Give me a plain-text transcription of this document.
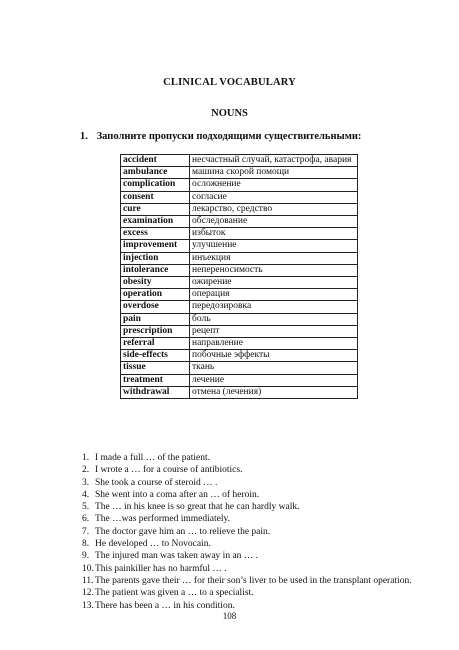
CLINICAL VOCABULARY
NOUNS
1. Заполните пропуски подходящими существительными:
accident	несчастный случай, катастрофа, авария
ambulance	машина скорой помощи
complication	осложнение
consent	согласие
cure	лекарство, средство
examination	обследование
excess	избыток
improvement	улучшение
injection	инъекция
intolerance	непереносимость
obesity	ожирение
operation	операция
overdose	передозировка
pain	боль
prescription	рецепт
referral	направление
side-effects	побочные эффекты
tissue	ткань
treatment	лечение
withdrawal	отмена (лечения)
1. I made a full … of the patient.
2. I wrote a … for a course of antibiotics.
3. She took a course of steroid … .
4. She went into a coma after an … of heroin.
5. The … in his knee is so great that he can hardly walk.
6. The …was performed immediately.
7. The doctor gave him an … to relieve the pain.
8. He developed … to Novocain.
9. The injured man was taken away in an … .
10. This painkiller has no harmful … .
11. The parents gave their … for their son’s liver to be used in the transplant operation.
12. The patient was given a … to a specialist.
13. There has been a … in his condition.
108
